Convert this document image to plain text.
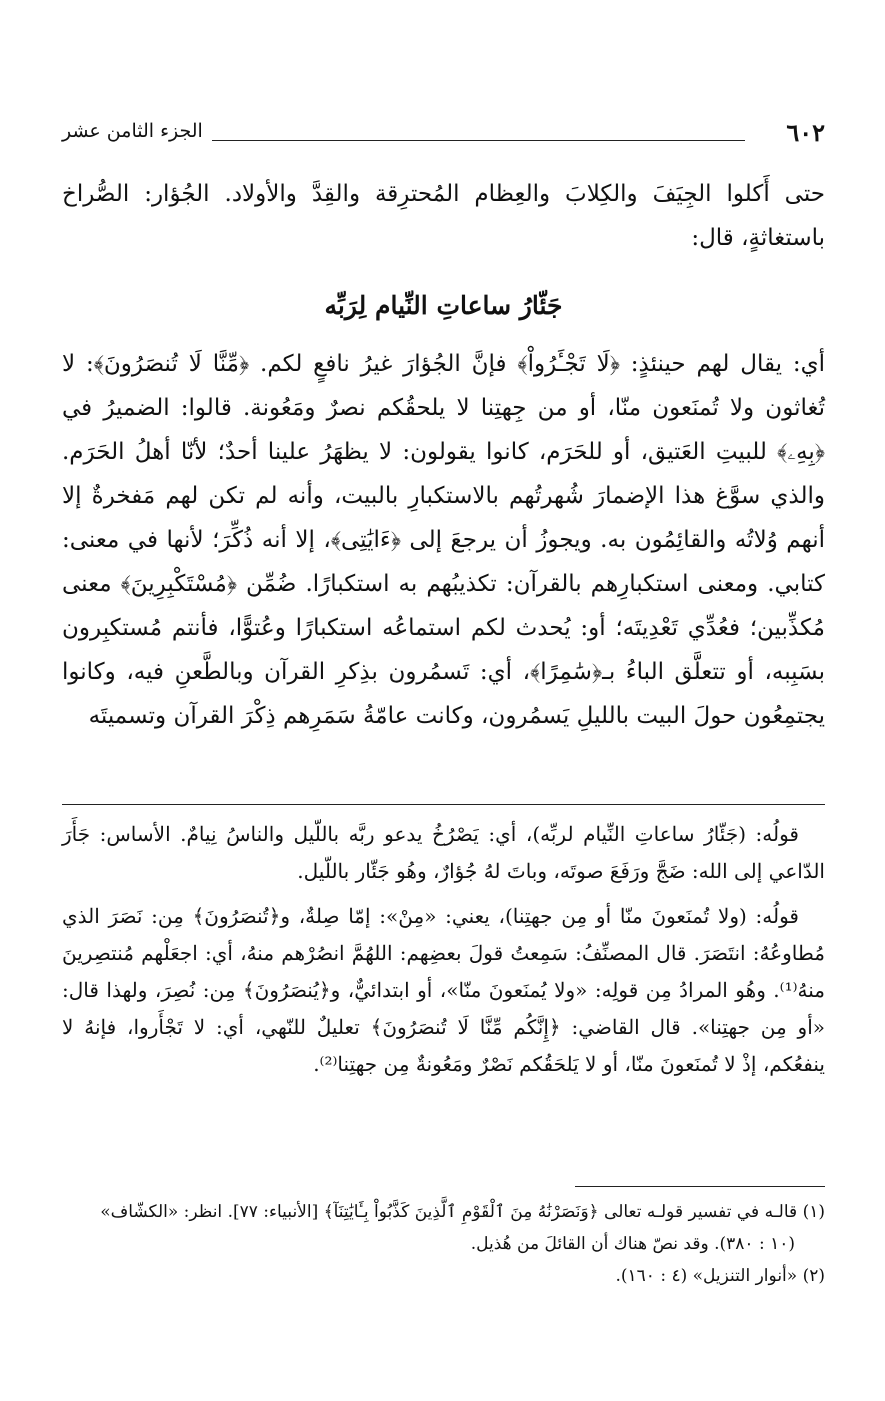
٦٠٢
الجزء الثامن عشر

حتى أَكلوا الجِيَفَ والكِلابَ والعِظام المُحترِقة والقِدَّ والأولاد. الجُؤار: الصُّراخ باستغاثةٍ، قال:

جَئّارُ ساعاتِ النِّيام لِرَبِّه

أي: يقال لهم حينئذٍ: ﴿لَا تَجْـَٔرُواْ﴾ فإنَّ الجُؤارَ غيرُ نافعٍ لكم. ﴿مِّنَّا لَا تُنصَرُونَ﴾: لا تُغاثون ولا تُمنَعون منّا، أو من جِهتِنا لا يلحقُكم نصرٌ ومَعُونة. قالوا: الضميرُ في ﴿بِهِۦ﴾ للبيتِ العَتيق، أو للحَرَم، كانوا يقولون: لا يظهَرُ علينا أحدٌ؛ لأنّا أهلُ الحَرَم. والذي سوَّغ هذا الإضمارَ شُهرتُهم بالاستكبارِ بالبيت، وأنه لم تكن لهم مَفخرةٌ إلا أنهم وُلاتُه والقائِمُون به. ويجوزُ أن يرجعَ إلى ﴿ءَايَٰتِى﴾، إلا أنه ذُكِّرَ؛ لأنها في معنى: كتابي. ومعنى استكبارِهم بالقرآن: تكذيبُهم به استكبارًا. ضُمِّن ﴿مُسْتَكْبِرِينَ﴾ معنى مُكذِّبين؛ فعُدِّي تَعْدِيتَه؛ أو: يُحدث لكم استماعُه استكبارًا وعُتوًّا، فأنتم مُستكبِرون بسَبِبه، أو تتعلَّق الباءُ بـ﴿سَٰمِرًا﴾، أي: تَسمُرون بذِكرِ القرآن وبالطَّعنِ فيه، وكانوا يجتمِعُون حولَ البيت بالليلِ يَسمُرون، وكانت عامّةُ سَمَرِهم ذِكْرَ القرآن وتسميتَه

قولُه: (جَئّارُ ساعاتِ النِّيام لربِّه)، أي: يَصْرُخُ يدعو ربَّه باللّيل والناسُ نِيامٌ. الأساس: جَأَرَ الدّاعي إلى الله: ضَجَّ ورَفَعَ صوتَه، وباتَ لهُ جُؤارٌ، وهُو جَئّار باللّيل.

قولُه: (ولا تُمنَعونَ منّا أو مِن جهتِنا)، يعني: «مِنْ»: إمّا صِلةٌ، و﴿تُنصَرُونَ﴾ مِن: نَصَرَ الذي مُطاوعُهُ: انتَصَرَ. قال المصنِّفُ: سَمِعتُ قولَ بعضِهم: اللهُمَّ انصُرْهم منهُ، أي: اجعَلْهم مُنتصِرينَ منهُ⁽¹⁾. وهُو المرادُ مِن قولِه: «ولا يُمنَعونَ منّا»، أو ابتدائيٌّ، و﴿يُنصَرُونَ﴾ مِن: نُصِرَ، ولهذا قال: «أو مِن جهتِنا». قال القاضي: ﴿إِنَّكُم مِّنَّا لَا تُنصَرُونَ﴾ تعليلٌ للنّهي، أي: لا تَجْأَروا، فإنهُ لا ينفعُكم، إذْ لا تُمنَعونَ منّا، أو لا يَلحَقُكم نَصْرٌ ومَعُونةٌ مِن جهتِنا⁽²⁾.

(١) قالـه في تفسير قولـه تعالى ﴿وَنَصَرْنَٰهُ مِنَ ٱلْقَوْمِ ٱلَّذِينَ كَذَّبُواْ بِـَٔايَٰتِنَآ﴾ [الأنبياء: ٧٧]. انظر: «الكشّاف»
(١٠ : ٣٨٠). وقد نصّ هناك أن القائلَ من هُذيل.

(٢) «أنوار التنزيل» (٤ : ١٦٠).
